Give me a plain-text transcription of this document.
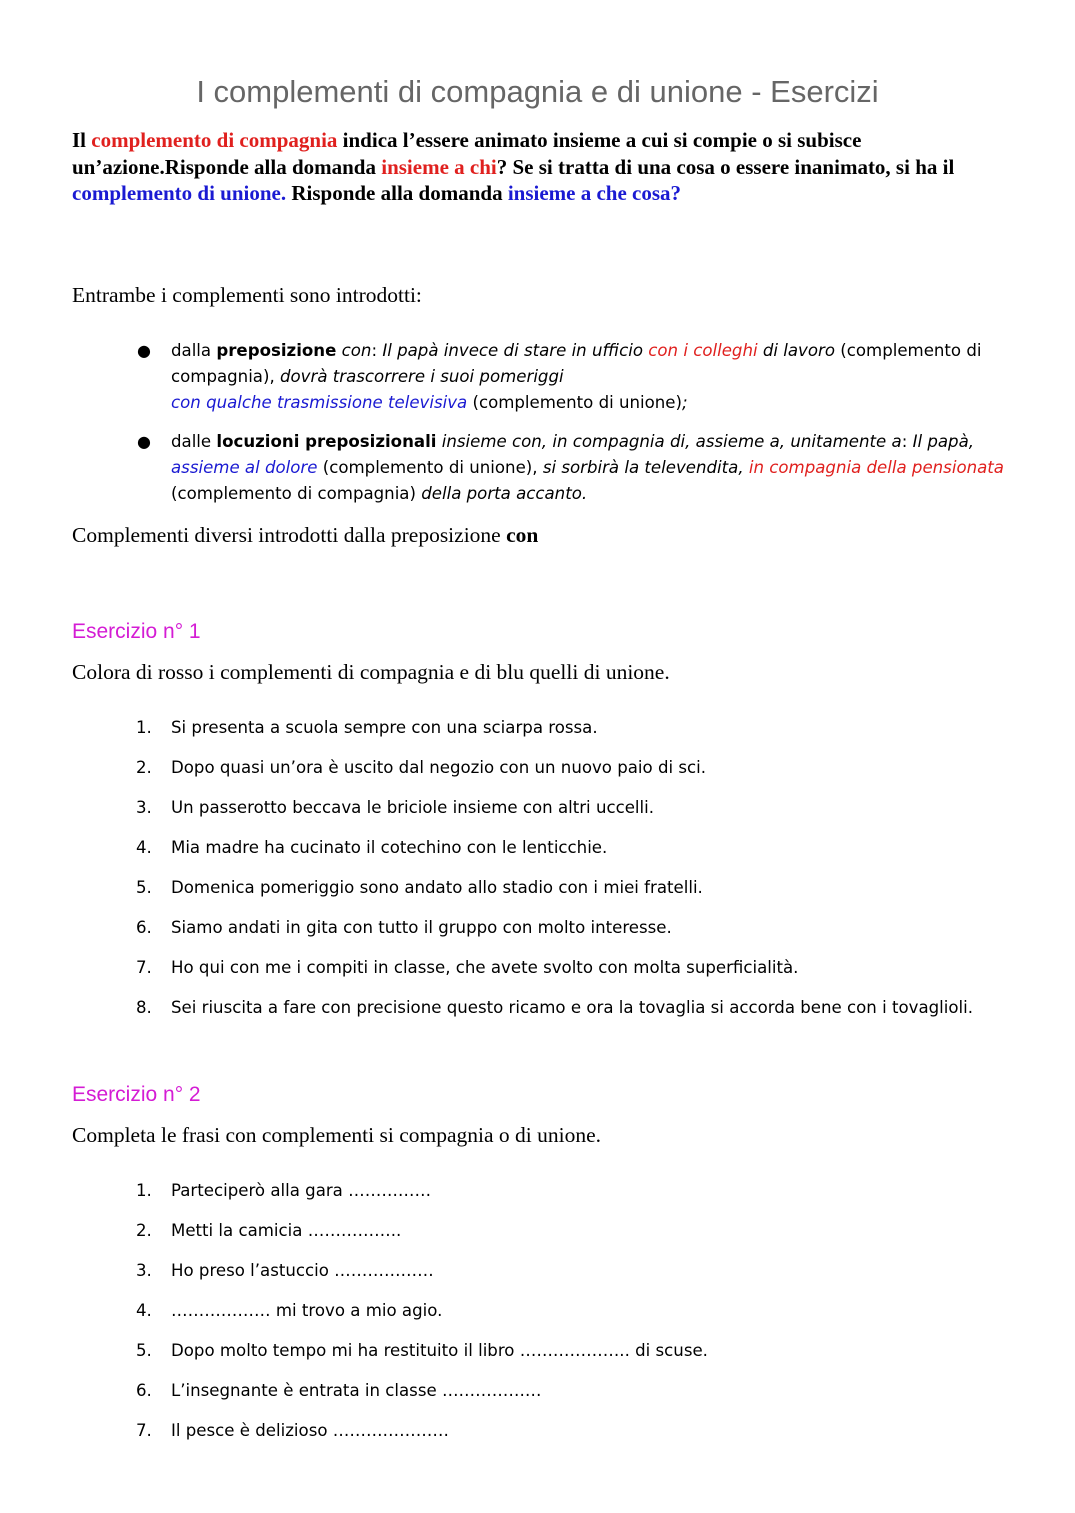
I complementi di compagnia e di unione - Esercizi

Il complemento di compagnia indica l’essere animato insieme a cui si compie o si subisce un’azione.Risponde alla domanda insieme a chi? Se si tratta di una cosa o essere inanimato, si ha il complemento di unione. Risponde alla domanda insieme a che cosa?

Entrambe i complementi sono introdotti:

● dalla preposizione con: Il papà invece di stare in ufficio con i colleghi di lavoro (complemento di compagnia), dovrà trascorrere i suoi pomeriggi
con qualche trasmissione televisiva (complemento di unione);
● dalle locuzioni preposizionali insieme con, in compagnia di, assieme a, unitamente a: Il papà, assieme al dolore (complemento di unione), si sorbirà la televendita, in compagnia della pensionata (complemento di compagnia) della porta accanto.

Complementi diversi introdotti dalla preposizione con

Esercizio n° 1

Colora di rosso i complementi di compagnia e di blu quelli di unione.

1. Si presenta a scuola sempre con una sciarpa rossa.
2. Dopo quasi un’ora è uscito dal negozio con un nuovo paio di sci.
3. Un passerotto beccava le briciole insieme con altri uccelli.
4. Mia madre ha cucinato il cotechino con le lenticchie.
5. Domenica pomeriggio sono andato allo stadio con i miei fratelli.
6. Siamo andati in gita con tutto il gruppo con molto interesse.
7. Ho qui con me i compiti in classe, che avete svolto con molta superficialità.
8. Sei riuscita a fare con precisione questo ricamo e ora la tovaglia si accorda bene con i tovaglioli.
Esercizio n° 2

Completa le frasi con complementi si compagnia o di unione.

1. Parteciperò alla gara ……………
2. Metti la camicia ……………..
3. Ho preso l’astuccio ………………
4. ……………… mi trovo a mio agio.
5. Dopo molto tempo mi ha restituito il libro ……………….. di scuse.
6. L’insegnante è entrata in classe ………………
7. Il pesce è delizioso …………………
